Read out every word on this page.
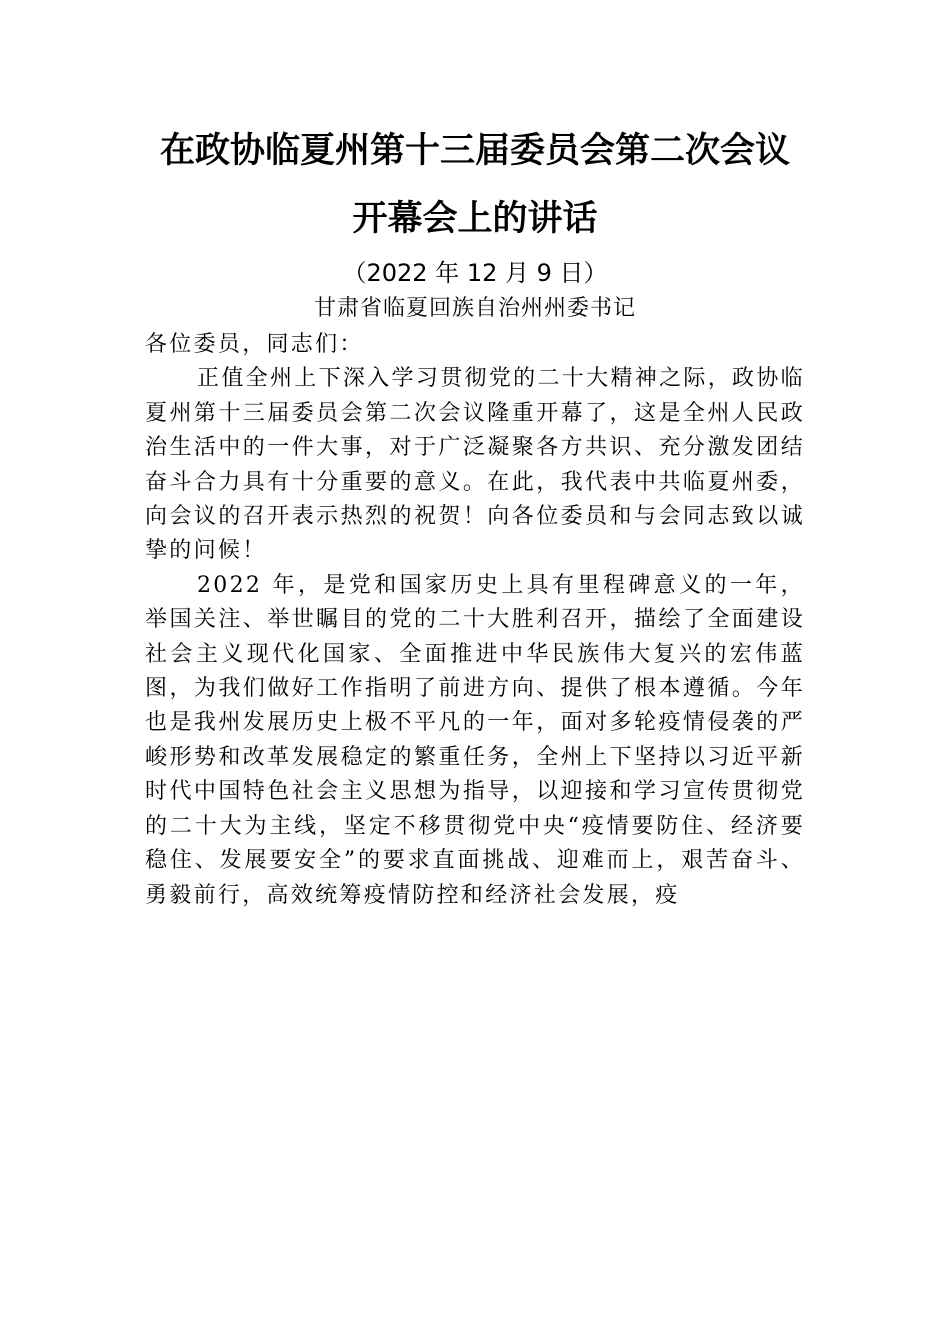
在政协临夏州第十三届委员会第二次会议
开幕会上的讲话
（2022 年 12 月 9 日）
甘肃省临夏回族自治州州委书记

各位委员，同志们：

正值全州上下深入学习贯彻党的二十大精神之际，政协临夏州第十三届委员会第二次会议隆重开幕了，这是全州人民政治生活中的一件大事，对于广泛凝聚各方共识、充分激发团结奋斗合力具有十分重要的意义。在此，我代表中共临夏州委，向会议的召开表示热烈的祝贺！向各位委员和与会同志致以诚挚的问候！

2022 年，是党和国家历史上具有里程碑意义的一年，举国关注、举世瞩目的党的二十大胜利召开，描绘了全面建设社会主义现代化国家、全面推进中华民族伟大复兴的宏伟蓝图，为我们做好工作指明了前进方向、提供了根本遵循。今年也是我州发展历史上极不平凡的一年，面对多轮疫情侵袭的严峻形势和改革发展稳定的繁重任务，全州上下坚持以习近平新时代中国特色社会主义思想为指导，以迎接和学习宣传贯彻党的二十大为主线，坚定不移贯彻党中央“疫情要防住、经济要稳住、发展要安全”的要求直面挑战、迎难而上，艰苦奋斗、勇毅前行，高效统筹疫情防控和经济社会发展，疫
